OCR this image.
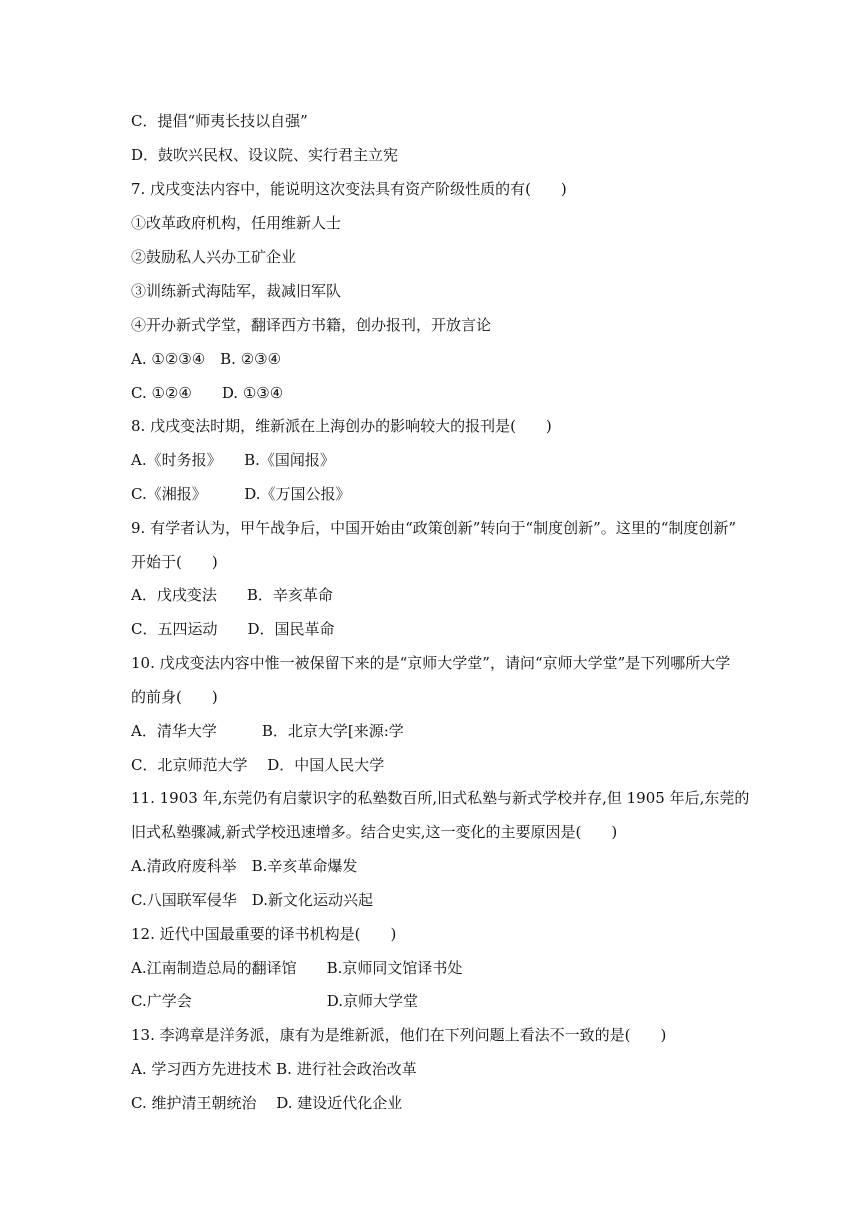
C．提倡“师夷长技以自强”
D．鼓吹兴民权、设议院、实行君主立宪
7. 戊戌变法内容中，能说明这次变法具有资产阶级性质的有(　　)
①改革政府机构，任用维新人士
②鼓励私人兴办工矿企业
③训练新式海陆军，裁减旧军队
④开办新式学堂，翻译西方书籍，创办报刊，开放言论
A. ①②③④　B. ②③④
C. ①②④　　D. ①③④
8. 戊戌变法时期，维新派在上海创办的影响较大的报刊是(　　)
A.《时务报》　　B.《国闻报》
C.《湘报》　　　D.《万国公报》
9. 有学者认为，甲午战争后，中国开始由“政策创新”转向于“制度创新”。这里的“制度创新”
开始于(　　)
A．戊戌变法　　B．辛亥革命
C．五四运动　　D．国民革命
10. 戊戌变法内容中惟一被保留下来的是“京师大学堂”，请问“京师大学堂”是下列哪所大学
的前身(　　)
A．清华大学　　　B．北京大学[来源:学
C．北京师范大学　 D．中国人民大学
11. 1903 年,东莞仍有启蒙识字的私塾数百所,旧式私塾与新式学校并存,但 1905 年后,东莞的
旧式私塾骤减,新式学校迅速增多。结合史实,这一变化的主要原因是(　　)
A.清政府废科举　B.辛亥革命爆发
C.八国联军侵华　D.新文化运动兴起
12. 近代中国最重要的译书机构是(　　)
A.江南制造总局的翻译馆　　B.京师同文馆译书处
C.广学会　　　　　　　　　D.京师大学堂
13. 李鸿章是洋务派，康有为是维新派，他们在下列问题上看法不一致的是(　　)
A. 学习西方先进技术 B. 进行社会政治改革
C. 维护清王朝统治　 D. 建设近代化企业
